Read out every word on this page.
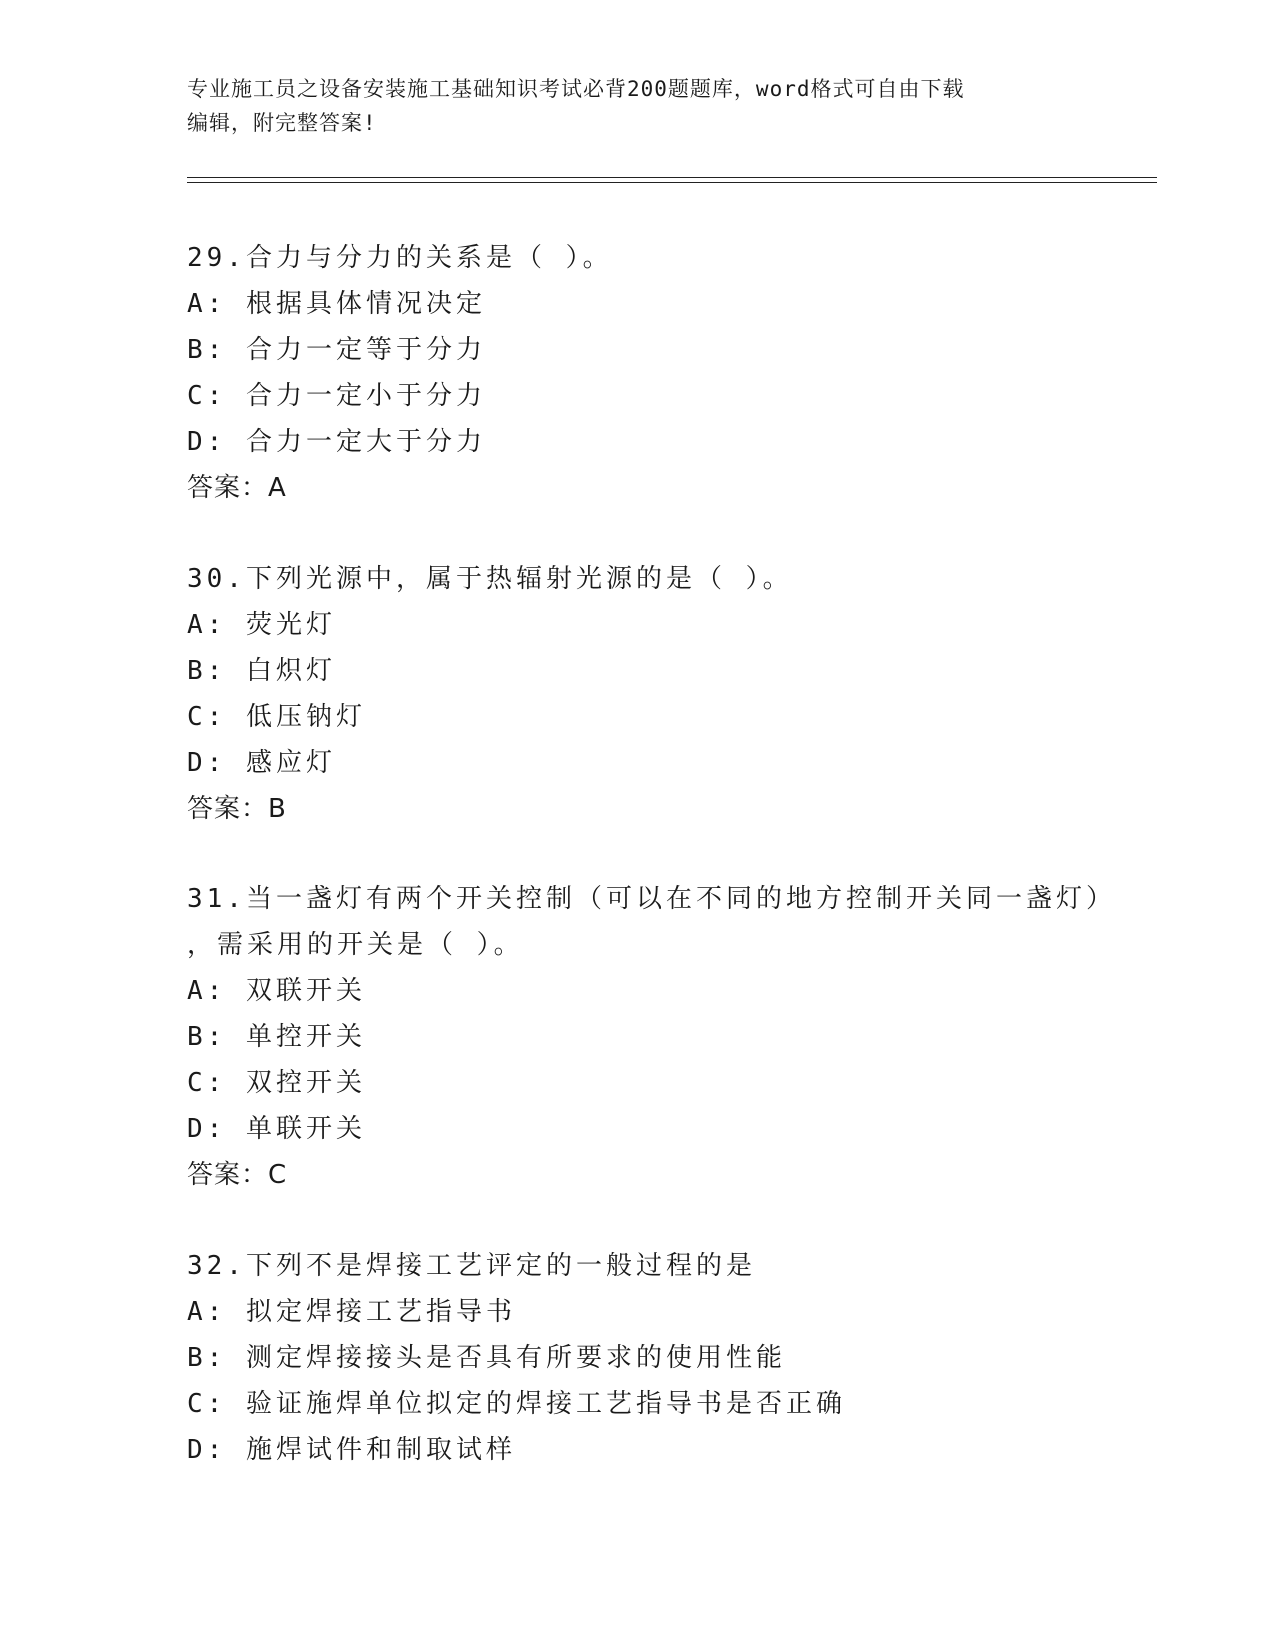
专业施工员之设备安装施工基础知识考试必背200题题库，word格式可自由下载
编辑，附完整答案!
29.合力与分力的关系是（ ）。
A: 根据具体情况决定
B: 合力一定等于分力
C: 合力一定小于分力
D: 合力一定大于分力
答案：A
30.下列光源中，属于热辐射光源的是（ ）。
A: 荧光灯
B: 白炽灯
C: 低压钠灯
D: 感应灯
答案：B
31.当一盏灯有两个开关控制（可以在不同的地方控制开关同一盏灯）
，需采用的开关是（ ）。
A: 双联开关
B: 单控开关
C: 双控开关
D: 单联开关
答案：C
32.下列不是焊接工艺评定的一般过程的是
A: 拟定焊接工艺指导书
B: 测定焊接接头是否具有所要求的使用性能
C: 验证施焊单位拟定的焊接工艺指导书是否正确
D: 施焊试件和制取试样
